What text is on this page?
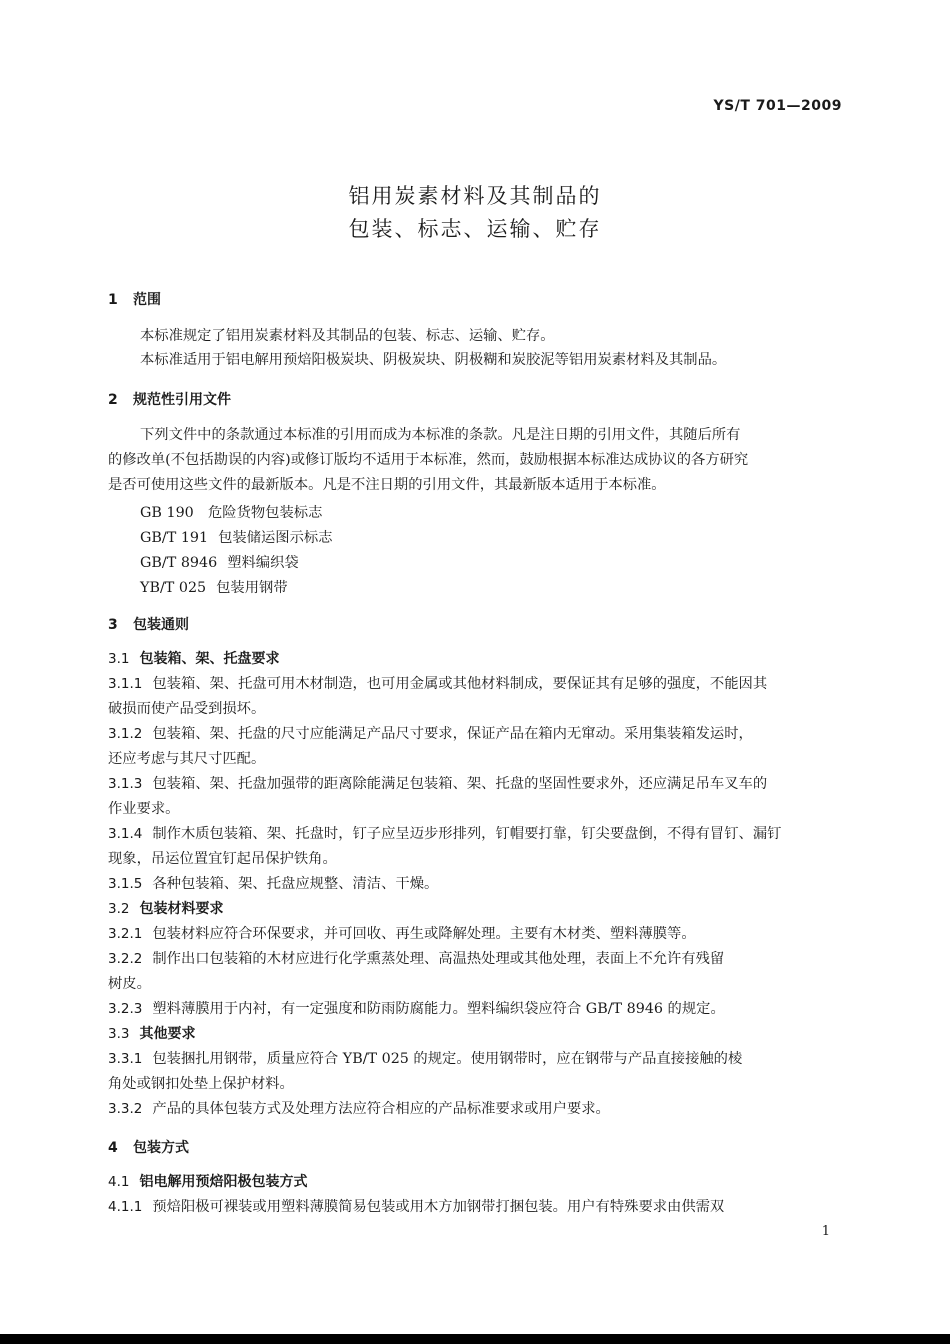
YS/T 701—2009
铝用炭素材料及其制品的
包装、标志、运输、贮存
1 范围
本标准规定了铝用炭素材料及其制品的包装、标志、运输、贮存。
本标准适用于铝电解用预焙阳极炭块、阴极炭块、阴极糊和炭胶泥等铝用炭素材料及其制品。
2 规范性引用文件
下列文件中的条款通过本标准的引用而成为本标准的条款。凡是注日期的引用文件，其随后所有
的修改单(不包括勘误的内容)或修订版均不适用于本标准，然而，鼓励根据本标准达成协议的各方研究
是否可使用这些文件的最新版本。凡是不注日期的引用文件，其最新版本适用于本标准。
GB 190 危险货物包装标志
GB/T 191 包装储运图示标志
GB/T 8946 塑料编织袋
YB/T 025 包装用钢带
3 包装通则
3.1 包装箱、架、托盘要求
3.1.1 包装箱、架、托盘可用木材制造，也可用金属或其他材料制成，要保证其有足够的强度，不能因其
破损而使产品受到损坏。
3.1.2 包装箱、架、托盘的尺寸应能满足产品尺寸要求，保证产品在箱内无窜动。采用集装箱发运时，
还应考虑与其尺寸匹配。
3.1.3 包装箱、架、托盘加强带的距离除能满足包装箱、架、托盘的坚固性要求外，还应满足吊车叉车的
作业要求。
3.1.4 制作木质包装箱、架、托盘时，钉子应呈迈步形排列，钉帽要打靠，钉尖要盘倒，不得有冒钉、漏钉
现象，吊运位置宜钉起吊保护铁角。
3.1.5 各种包装箱、架、托盘应规整、清洁、干燥。
3.2 包装材料要求
3.2.1 包装材料应符合环保要求，并可回收、再生或降解处理。主要有木材类、塑料薄膜等。
3.2.2 制作出口包装箱的木材应进行化学熏蒸处理、高温热处理或其他处理，表面上不允许有残留
树皮。
3.2.3 塑料薄膜用于内衬，有一定强度和防雨防腐能力。塑料编织袋应符合 GB/T 8946 的规定。
3.3 其他要求
3.3.1 包装捆扎用钢带，质量应符合 YB/T 025 的规定。使用钢带时，应在钢带与产品直接接触的棱
角处或钢扣处垫上保护材料。
3.3.2 产品的具体包装方式及处理方法应符合相应的产品标准要求或用户要求。
4 包装方式
4.1 铝电解用预焙阳极包装方式
4.1.1 预焙阳极可裸装或用塑料薄膜简易包装或用木方加钢带打捆包装。用户有特殊要求由供需双
1
